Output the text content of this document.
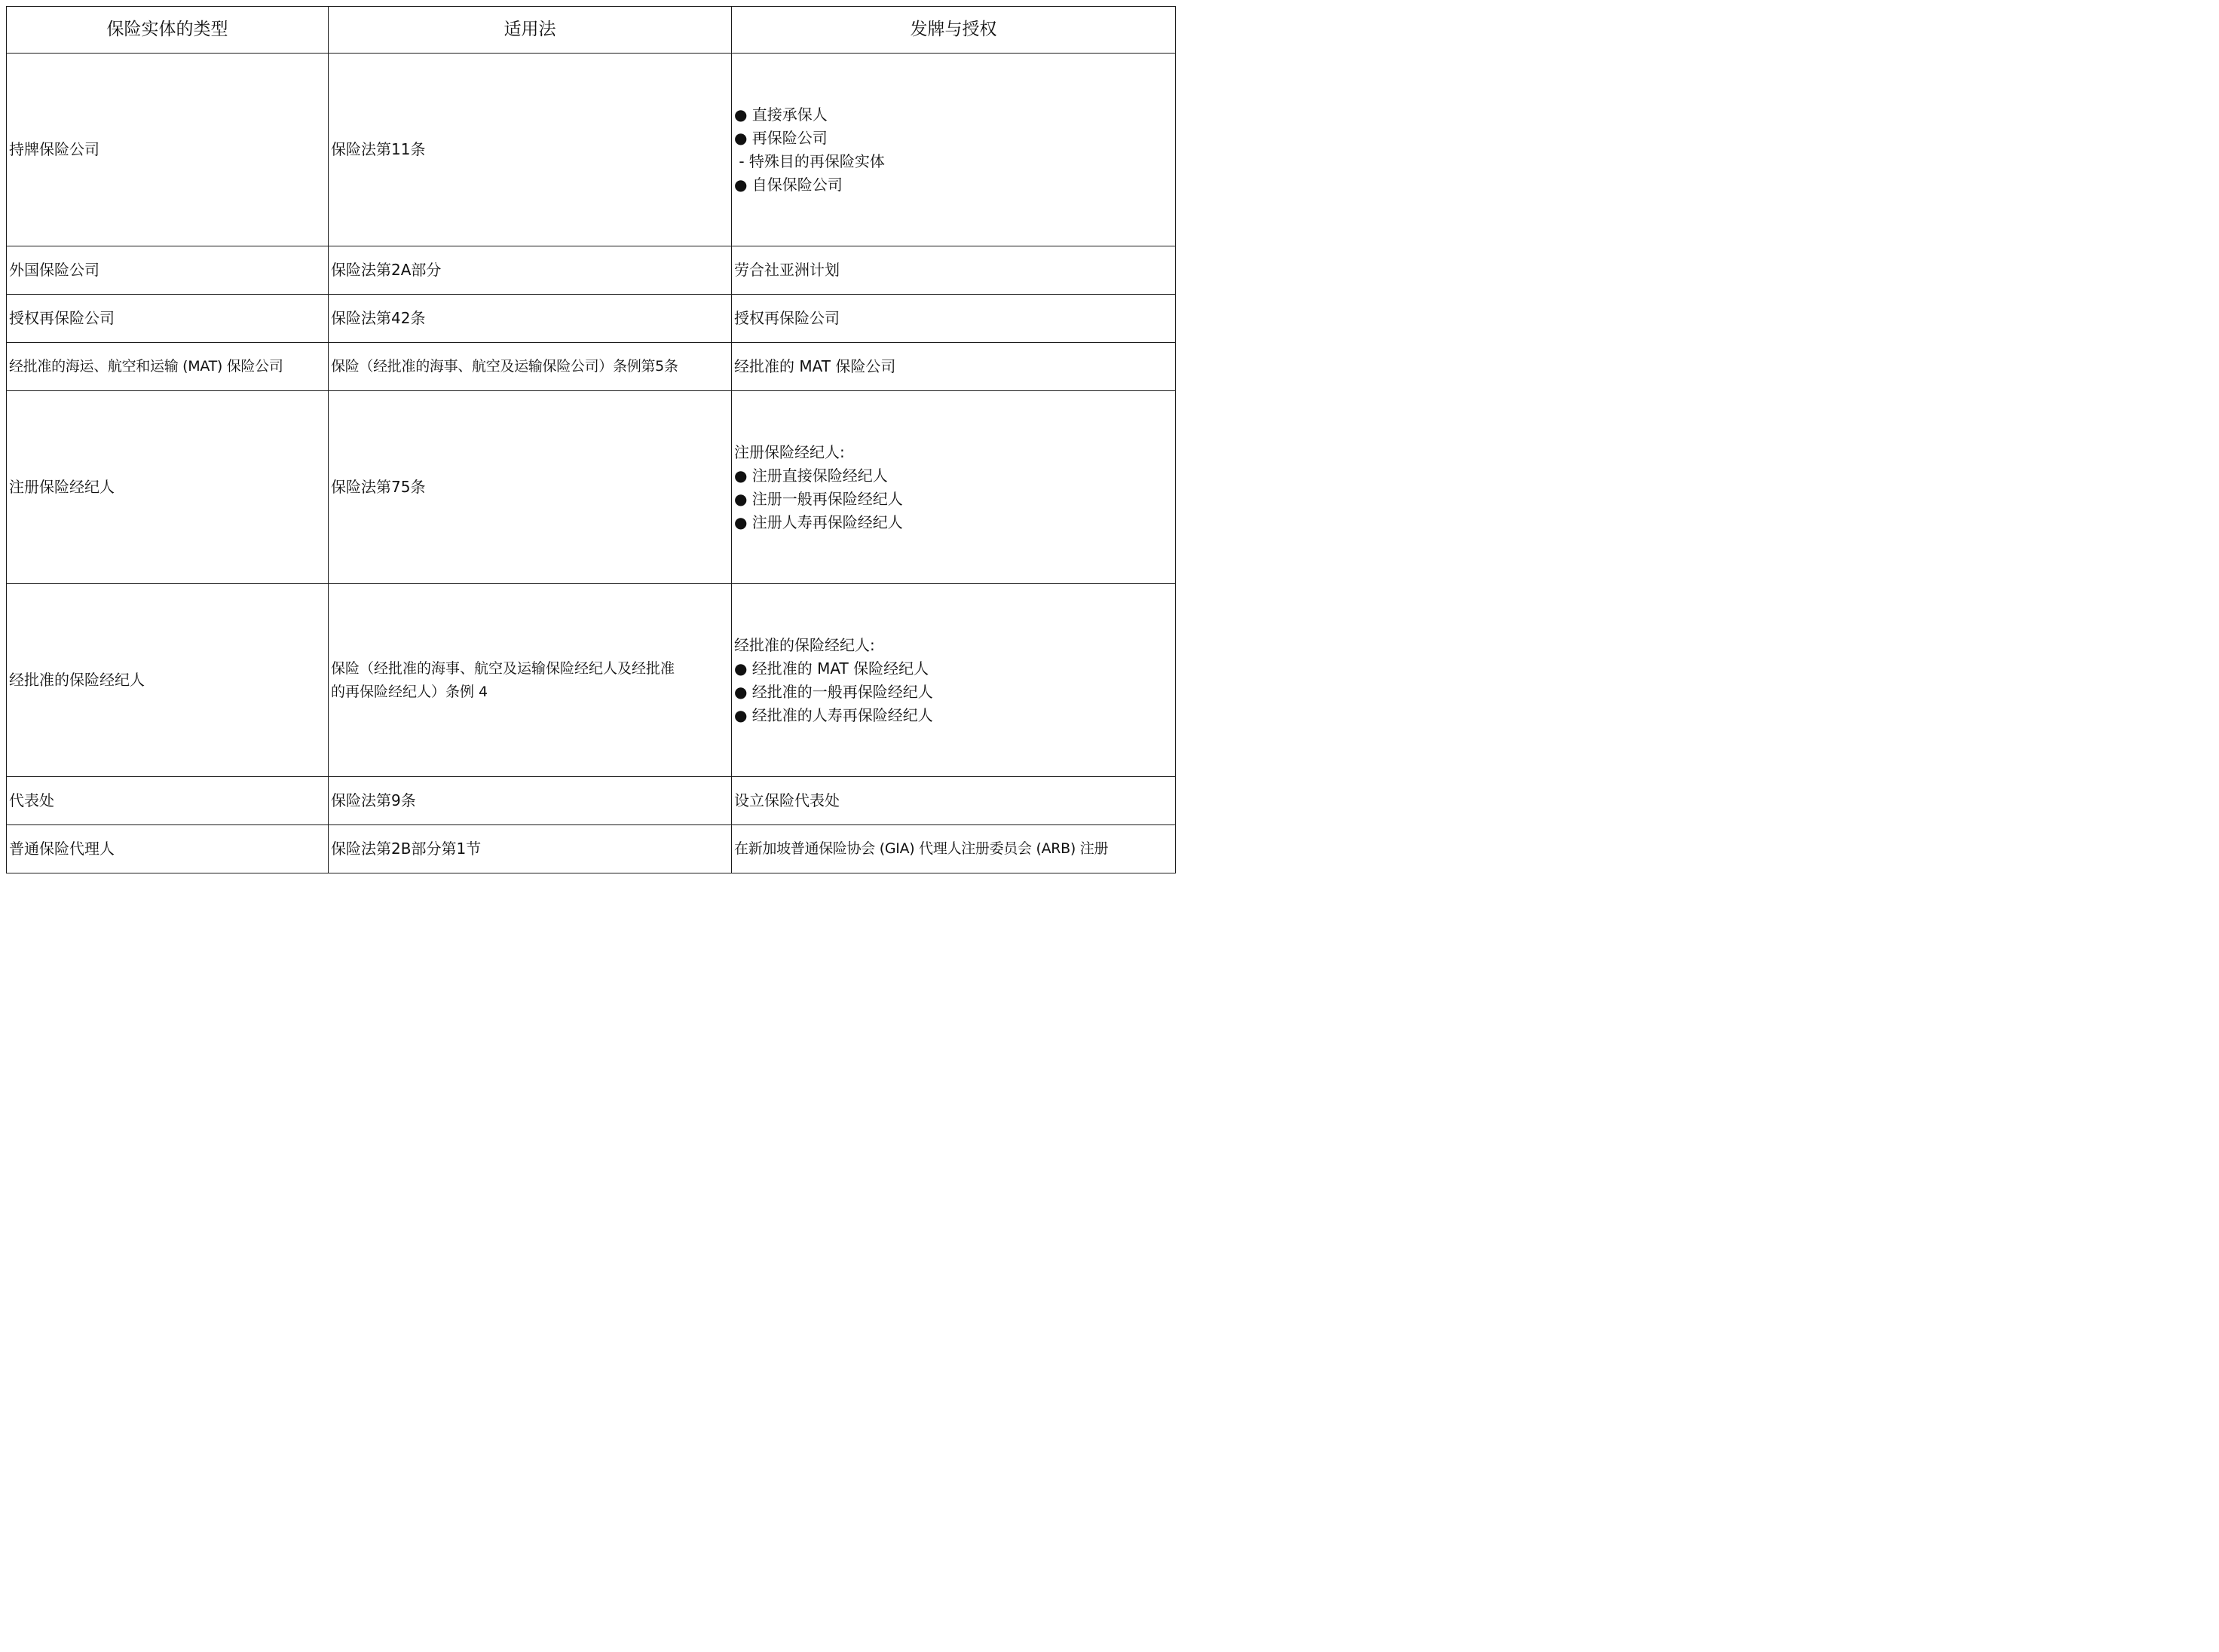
保险实体的类型	适用法	发牌与授权
持牌保险公司	保险法第11条	● 直接承保人
● 再保险公司
- 特殊目的再保险实体
● 自保保险公司

外国保险公司	保险法第2A部分	劳合社亚洲计划

授权再保险公司	保险法第42条	授权再保险公司

经批准的海运、航空和运输 (MAT) 保险公司	保险（经批准的海事、航空及运输保险公司）条例第5条	经批准的 MAT 保险公司

注册保险经纪人	保险法第75条	注册保险经纪人:
● 注册直接保险经纪人
● 注册一般再保险经纪人
● 注册人寿再保险经纪人

经批准的保险经纪人	保险（经批准的海事、航空及运输保险经纪人及经批准
的再保险经纪人）条例 4	经批准的保险经纪人:
● 经批准的 MAT 保险经纪人
● 经批准的一般再保险经纪人
● 经批准的人寿再保险经纪人

代表处	保险法第9条	设立保险代表处

普通保险代理人	保险法第2B部分第1节	在新加坡普通保险协会 (GIA) 代理人注册委员会 (ARB) 注册
